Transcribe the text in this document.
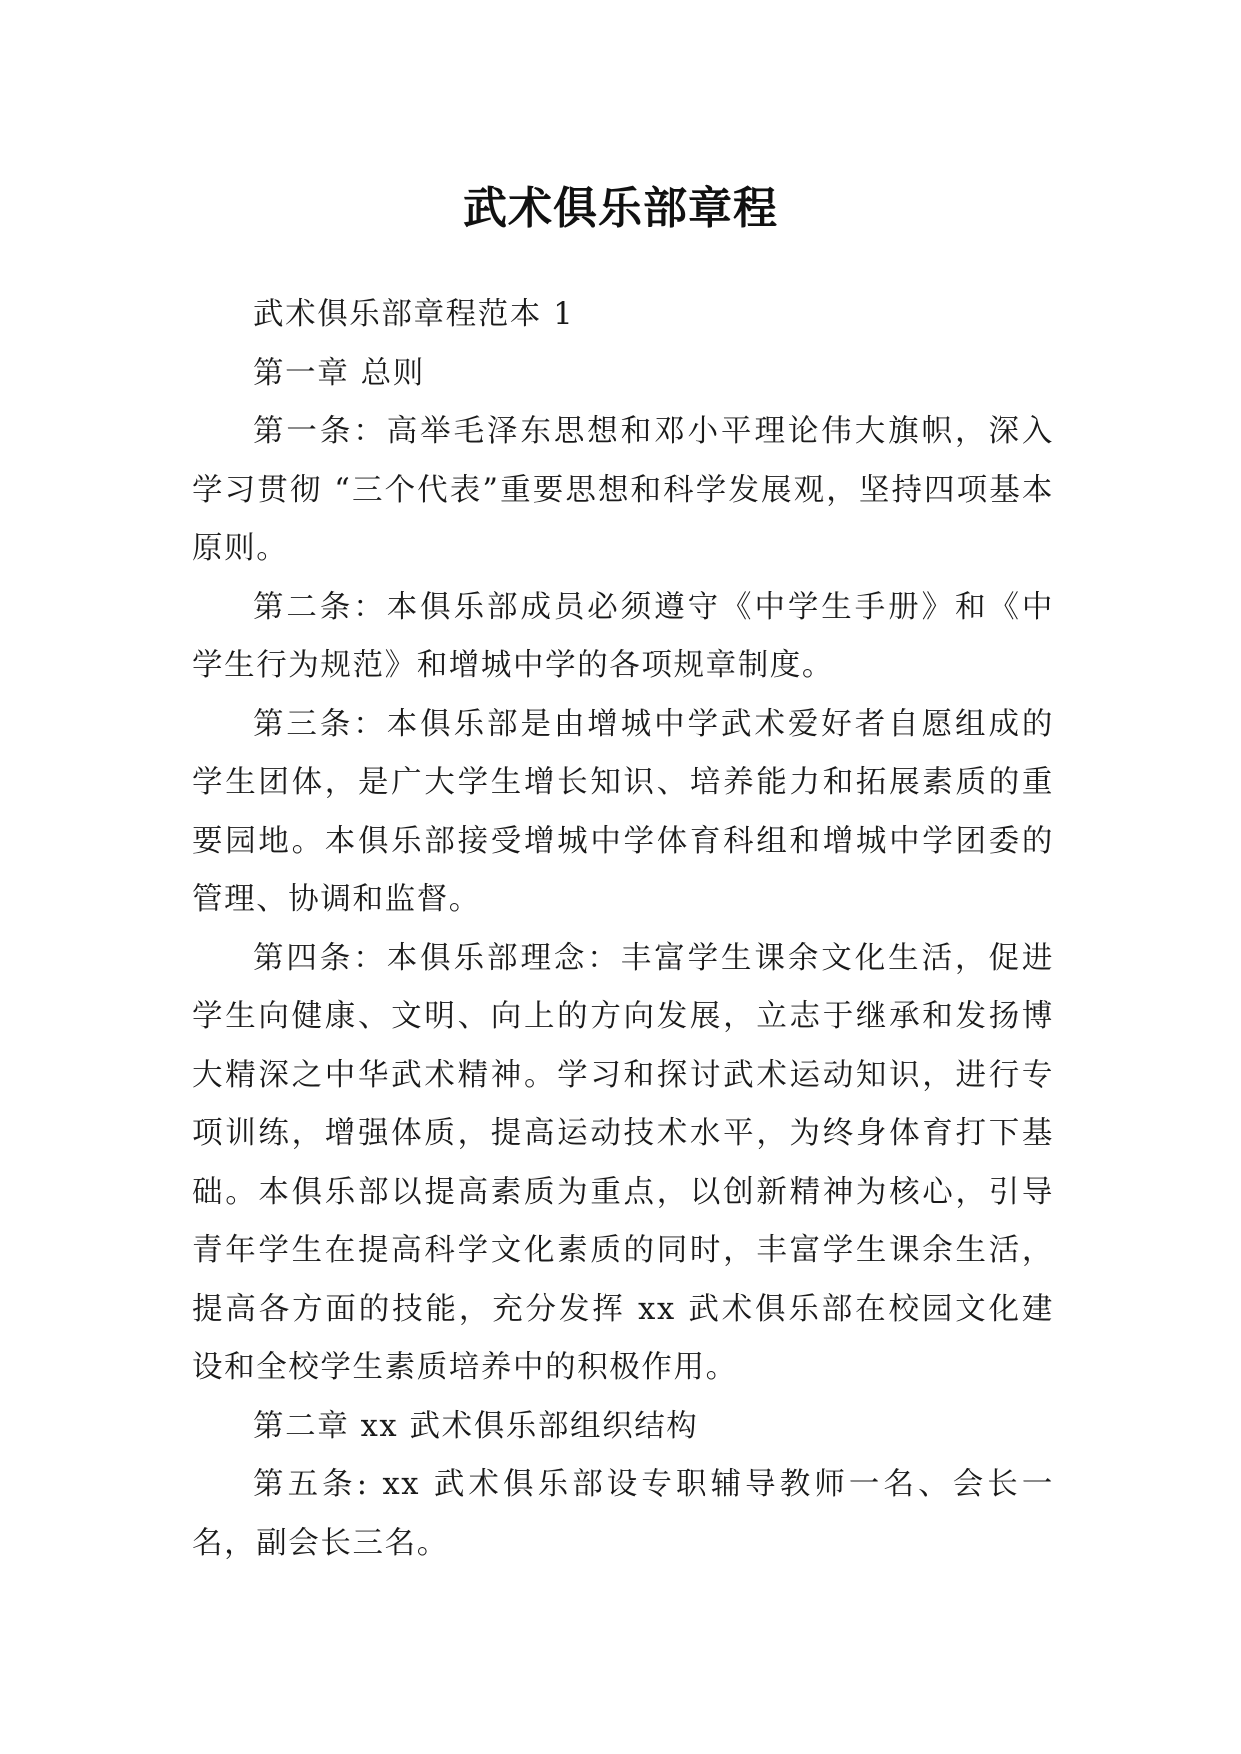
武术俱乐部章程

武术俱乐部章程范本 1

第一章 总则

第一条：高举毛泽东思想和邓小平理论伟大旗帜，深入学习贯彻 “三个代表”重要思想和科学发展观，坚持四项基本原则。

第二条：本俱乐部成员必须遵守《中学生手册》和《中学生行为规范》和增城中学的各项规章制度。

第三条：本俱乐部是由增城中学武术爱好者自愿组成的学生团体，是广大学生增长知识、培养能力和拓展素质的重要园地。本俱乐部接受增城中学体育科组和增城中学团委的管理、协调和监督。

第四条：本俱乐部理念：丰富学生课余文化生活，促进学生向健康、文明、向上的方向发展，立志于继承和发扬博大精深之中华武术精神。学习和探讨武术运动知识，进行专项训练，增强体质，提高运动技术水平，为终身体育打下基础。本俱乐部以提高素质为重点，以创新精神为核心，引导青年学生在提高科学文化素质的同时，丰富学生课余生活，提高各方面的技能，充分发挥 xx 武术俱乐部在校园文化建设和全校学生素质培养中的积极作用。

第二章 xx 武术俱乐部组织结构

第五条: xx 武术俱乐部设专职辅导教师一名、会长一名，副会长三名。
